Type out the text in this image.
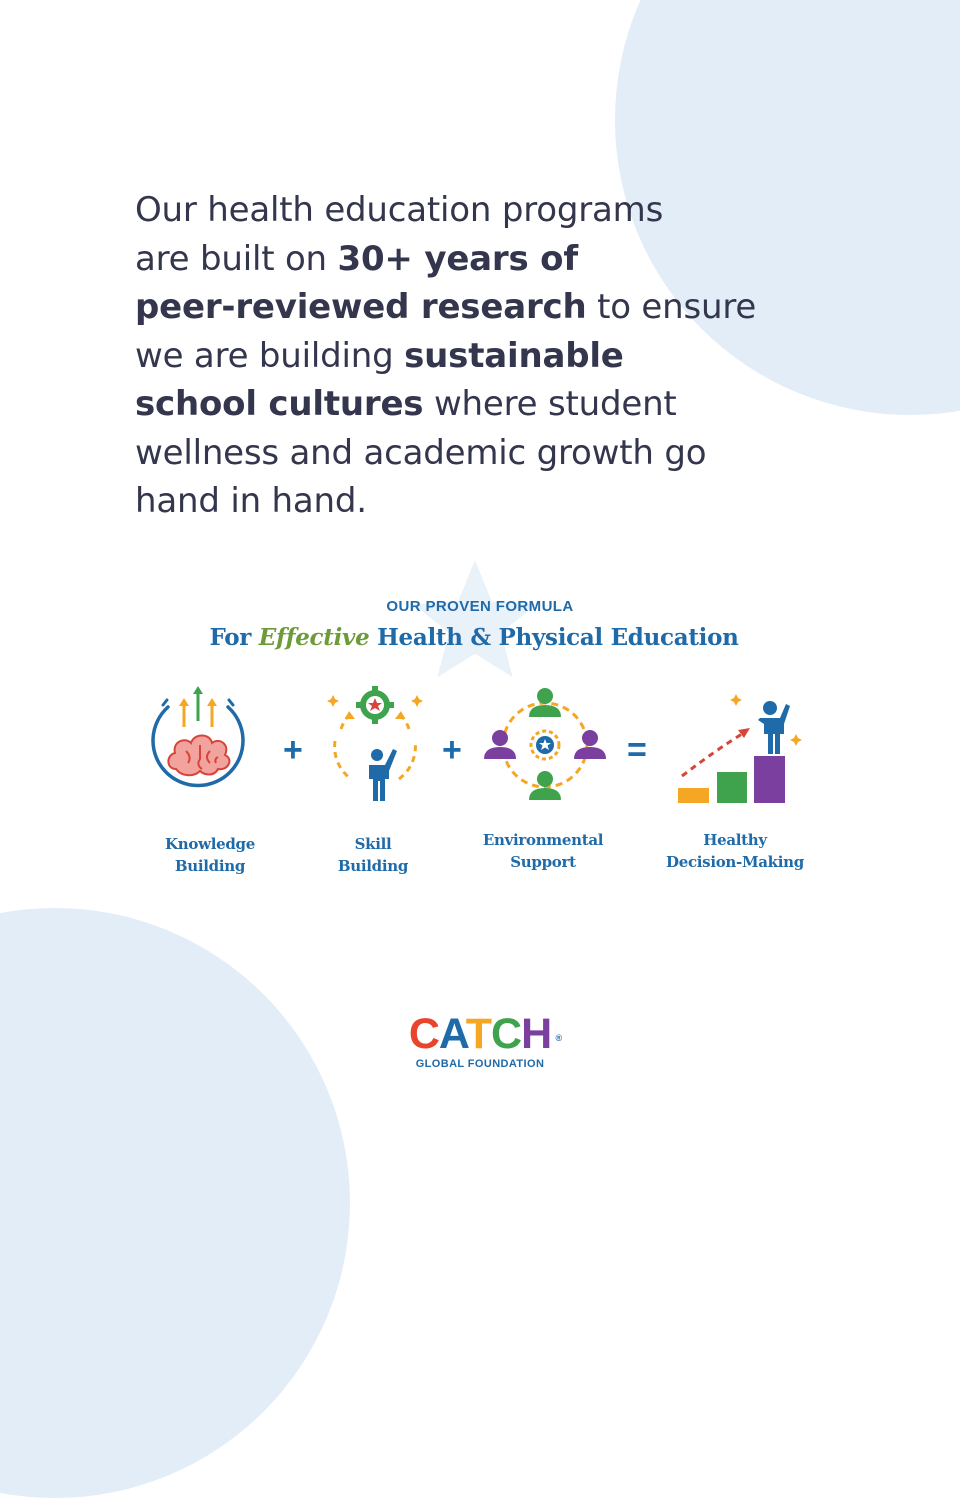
Our health education programs
are built on 30+ years of
peer-reviewed research to ensure
we are building sustainable
school cultures where student
wellness and academic growth go
hand in hand.

OUR PROVEN FORMULA
For Effective Health & Physical Education
+	+	=
Knowledge
Building
Skill
Building
Environmental
Support
Healthy
Decision-Making
CATCH ®
GLOBAL FOUNDATION
